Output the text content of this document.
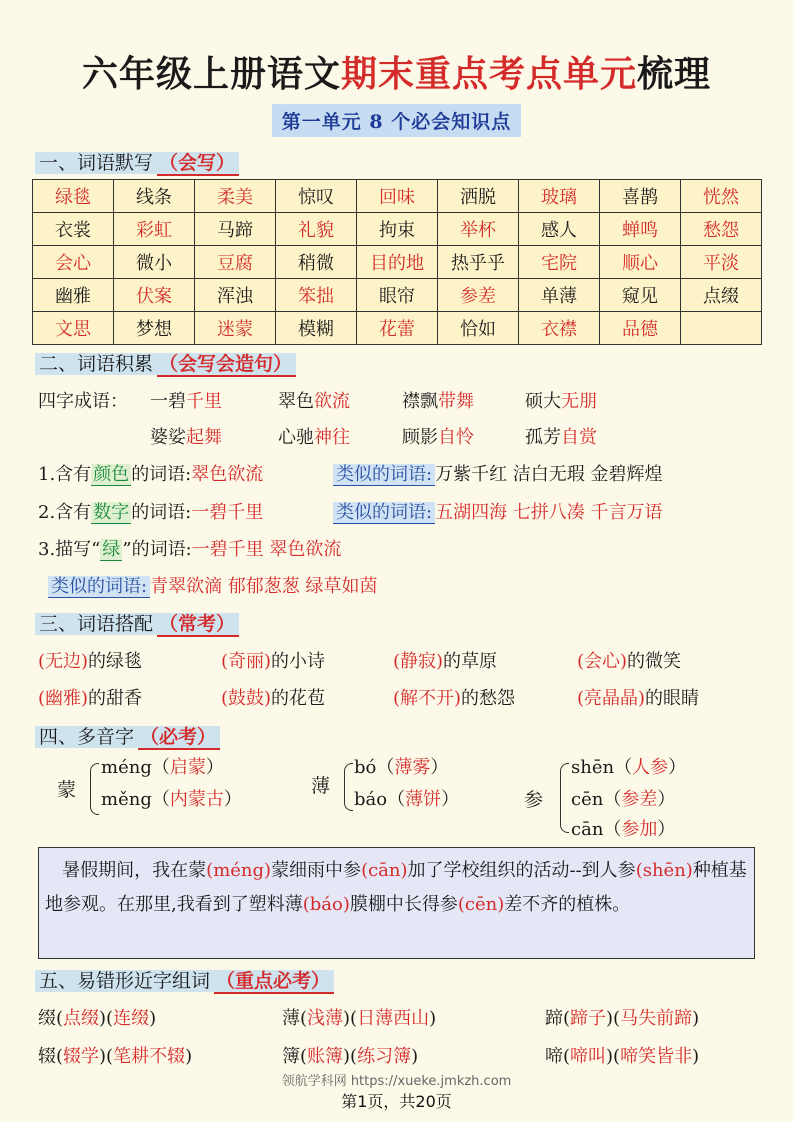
六年级上册语文期末重点考点单元梳理
第一单元 8 个必会知识点
一、词语默写 （会写）
绿毯	线条	柔美	惊叹	回味	洒脱	玻璃	喜鹊	恍然
衣裳	彩虹	马蹄	礼貌	拘束	举杯	感人	蝉鸣	愁怨
会心	微小	豆腐	稍微	目的地	热乎乎	宅院	顺心	平淡
幽雅	伏案	浑浊	笨拙	眼帘	参差	单薄	窥见	点缀
文思	梦想	迷蒙	模糊	花蕾	恰如	衣襟	品德	
二、词语积累 （会写会造句）
四字成语：
1.含有 颜色 的词语:翠色欲流	类似的词语: 万紫千红 洁白无瑕 金碧辉煌
2.含有 数字 的词语:一碧千里	类似的词语: 五湖四海 七拼八凑 千言万语
3.描写“ 绿 ”的词语:一碧千里 翠色欲流
类似的词语: 青翠欲滴 郁郁葱葱 绿草如茵
三、词语搭配 （常考）
四、多音字 （必考）
蒙
méng（启蒙）
měng（内蒙古）
薄
bó（薄雾）
báo（薄饼）	参
shēn（人参）
cēn（参差）
cān（参加）
暑假期间，我在蒙(méng)蒙细雨中参(cān)加了学校组织的活动--到人参(shēn)种植基地参观。在那里,我看到了塑料薄(báo)膜棚中长得参(cēn)差不齐的植株。
五、易错形近字组词 （重点必考）
领航学科网 https://xueke.jmkzh.com
第1页，共20页
一碧千里	翠色欲流	襟飘带舞	硕大无朋
婆娑起舞	心驰神往	顾影自怜	孤芳自赏
(无边)的绿毯	(奇丽)的小诗	(静寂)的草原	(会心)的微笑
(幽雅)的甜香	(鼓鼓)的花苞	(解不开)的愁怨	(亮晶晶)的眼睛
缀(点缀)(连缀)	薄(浅薄)(日薄西山)	蹄(蹄子)(马失前蹄)
辍(辍学)(笔耕不辍)	簿(账簿)(练习簿)	啼(啼叫)(啼笑皆非)
